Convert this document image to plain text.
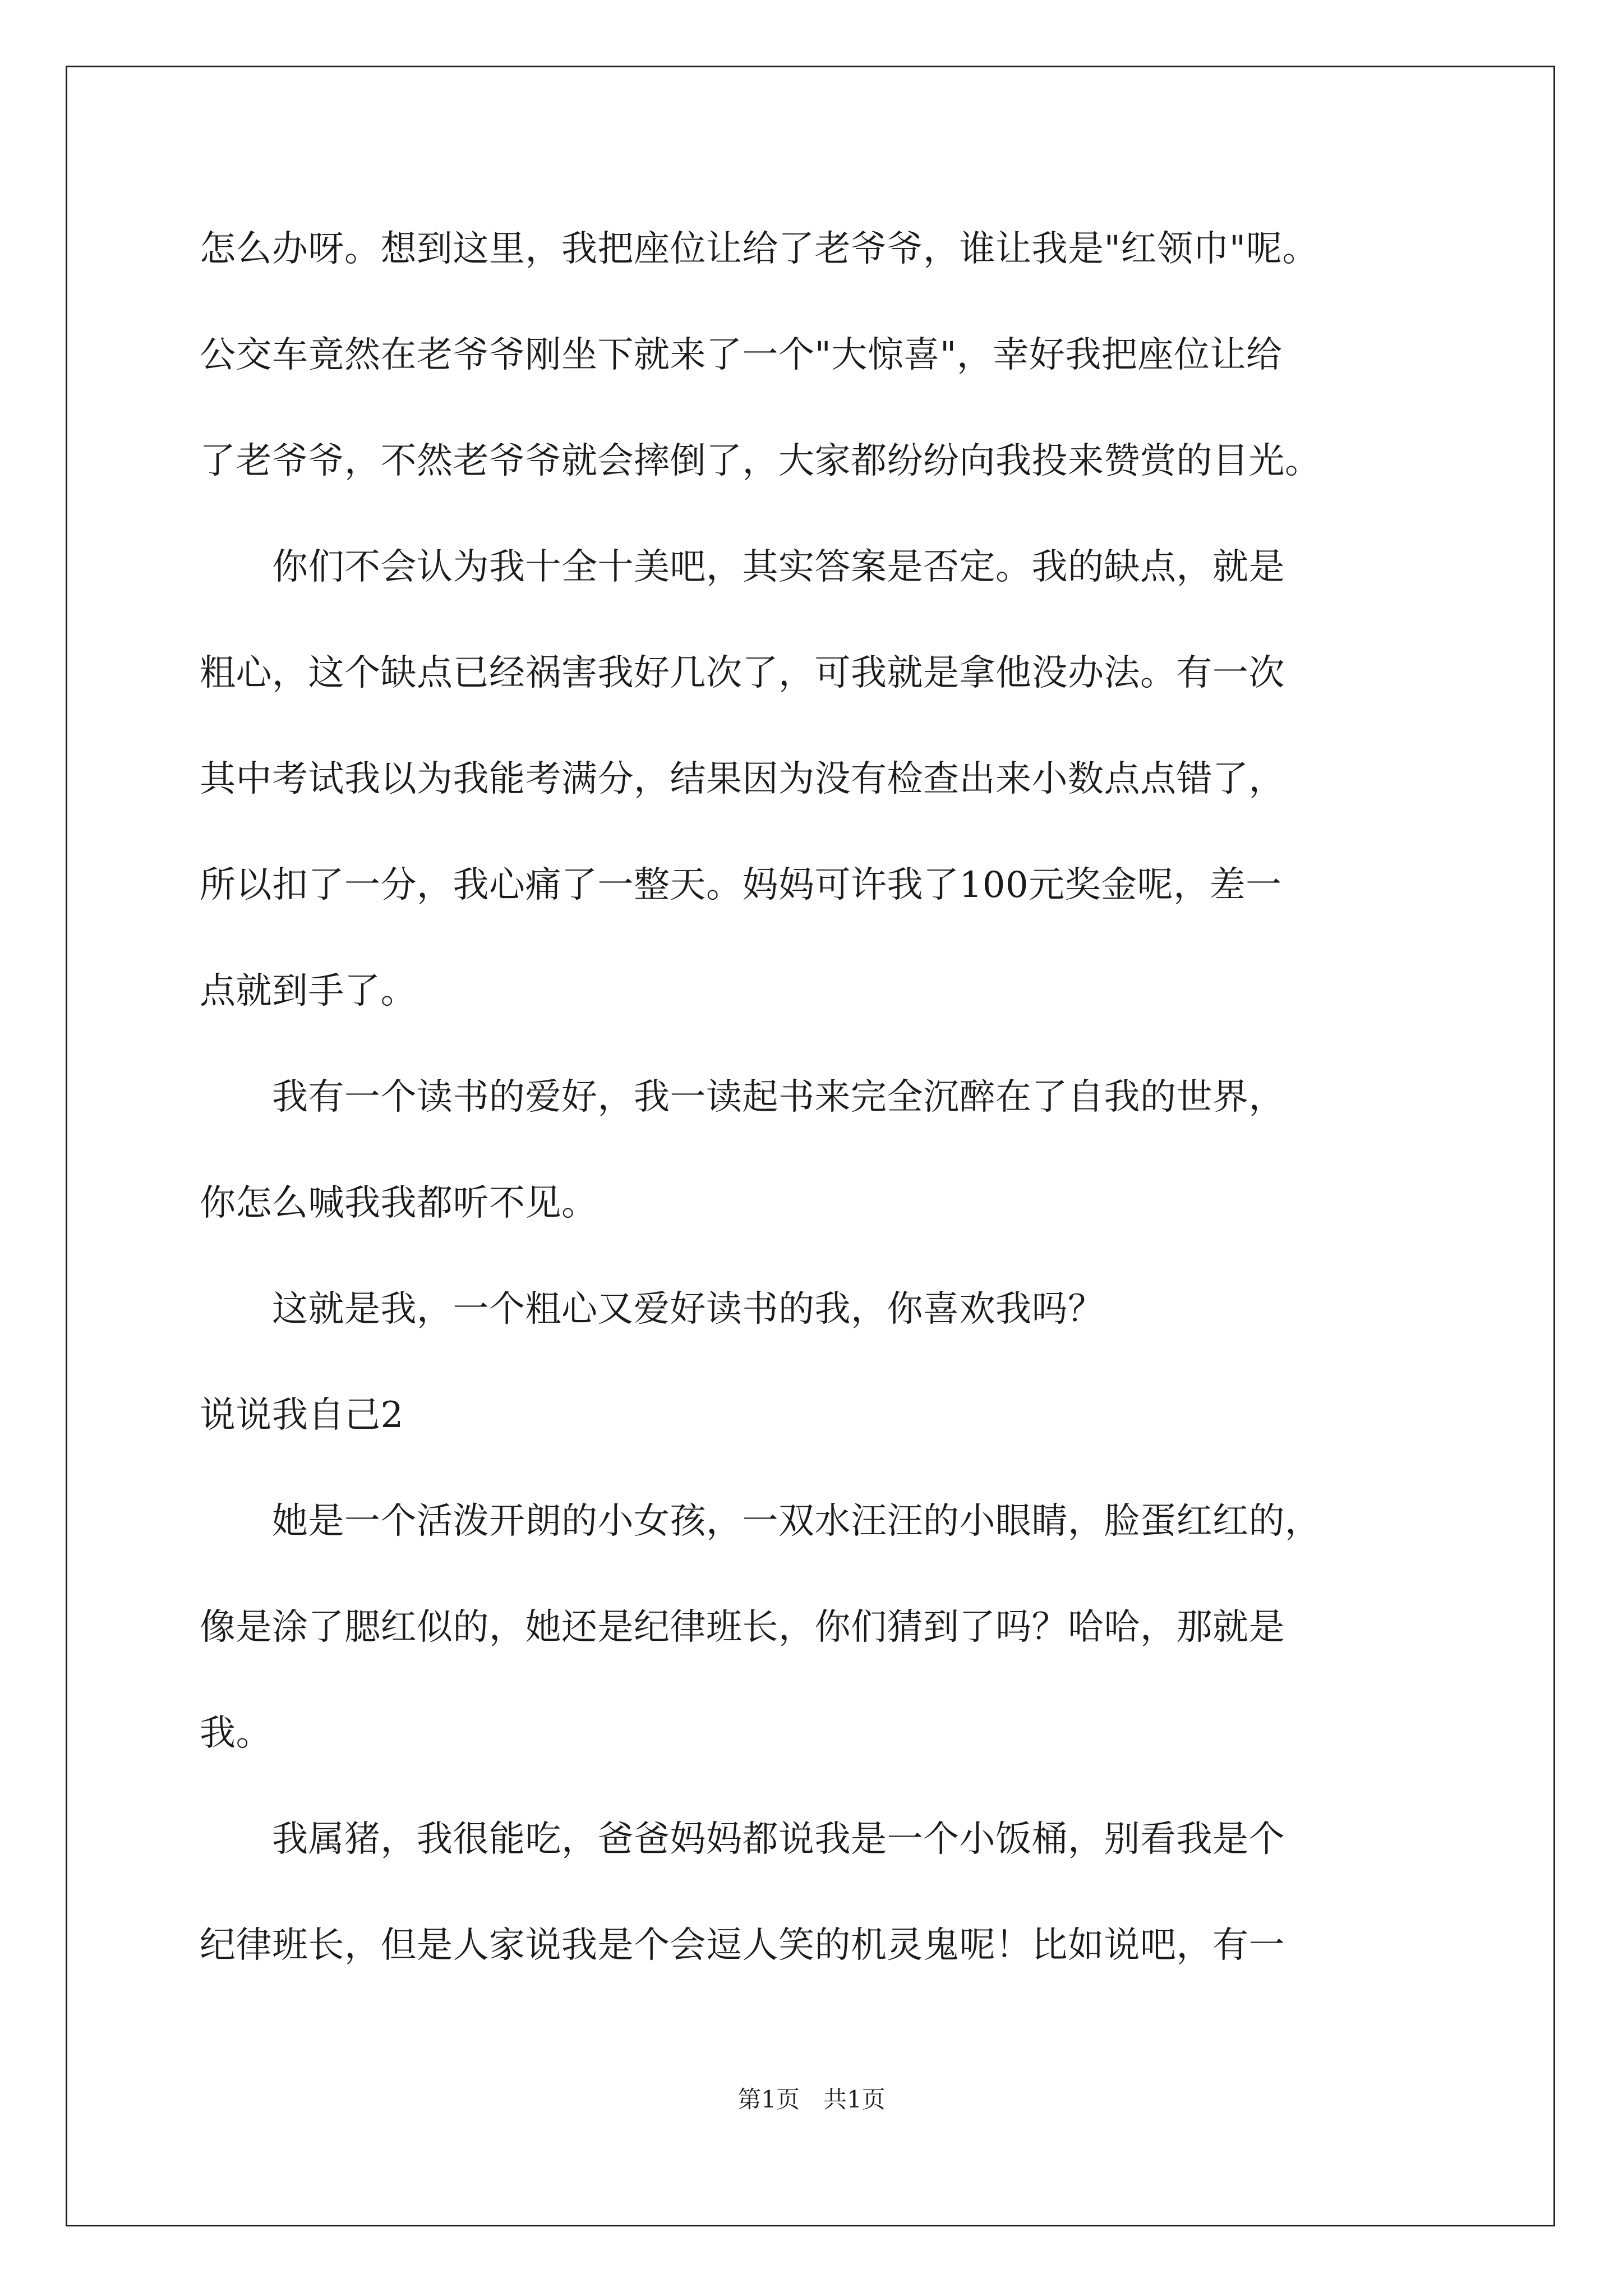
怎么办呀。想到这里，我把座位让给了老爷爷，谁让我是"红领巾"呢。
公交车竟然在老爷爷刚坐下就来了一个"大惊喜"，幸好我把座位让给
了老爷爷，不然老爷爷就会摔倒了，大家都纷纷向我投来赞赏的目光。
　　你们不会认为我十全十美吧，其实答案是否定。我的缺点，就是
粗心，这个缺点已经祸害我好几次了，可我就是拿他没办法。有一次
其中考试我以为我能考满分，结果因为没有检查出来小数点点错了，
所以扣了一分，我心痛了一整天。妈妈可许我了100元奖金呢，差一
点就到手了。
　　我有一个读书的爱好，我一读起书来完全沉醉在了自我的世界，
你怎么喊我我都听不见。
　　这就是我，一个粗心又爱好读书的我，你喜欢我吗？
说说我自己2
　　她是一个活泼开朗的小女孩，一双水汪汪的小眼睛，脸蛋红红的，
像是涂了腮红似的，她还是纪律班长，你们猜到了吗？哈哈，那就是
我。
　　我属猪，我很能吃，爸爸妈妈都说我是一个小饭桶，别看我是个
纪律班长，但是人家说我是个会逗人笑的机灵鬼呢！比如说吧，有一
第1页　共1页
